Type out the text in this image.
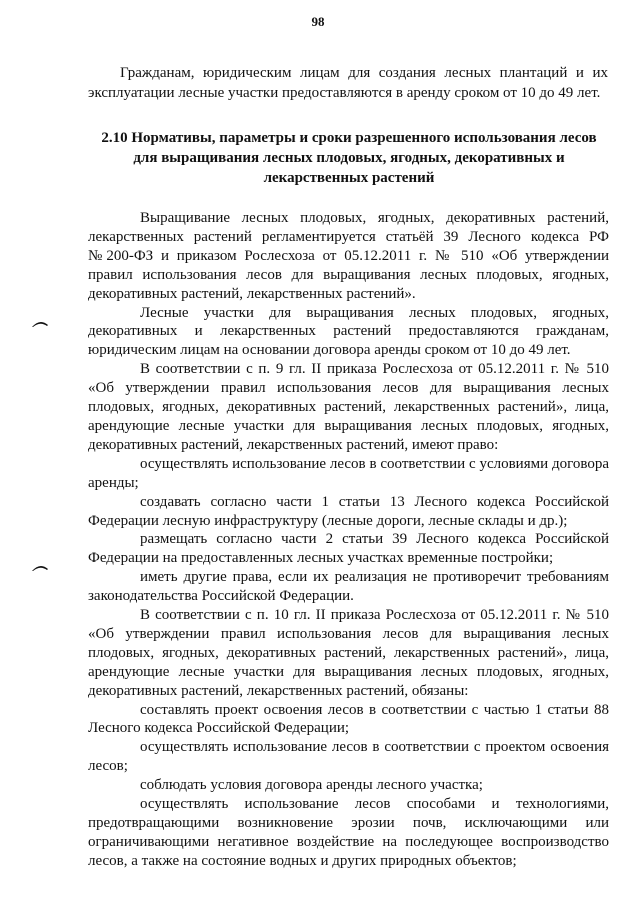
98

Гражданам, юридическим лицам для создания лесных плантаций и их эксплуатации лесные участки предоставляются в аренду сроком от 10 до 49 лет.

2.10 Нормативы, параметры и сроки разрешенного использования лесов для выращивания лесных плодовых, ягодных, декоративных и лекарственных растений

Выращивание лесных плодовых, ягодных, декоративных растений, лекарственных растений регламентируется статьёй 39 Лесного кодекса РФ №200-ФЗ и приказом Рослесхоза от 05.12.2011 г. № 510 «Об утверждении правил использования лесов для выращивания лесных плодовых, ягодных, декоративных растений, лекарственных растений».

Лесные участки для выращивания лесных плодовых, ягодных, декоративных и лекарственных растений предоставляются гражданам, юридическим лицам на основании договора аренды сроком от 10 до 49 лет.

В соответствии с п. 9 гл. II приказа Рослесхоза от 05.12.2011 г. № 510 «Об утверждении правил использования лесов для выращивания лесных плодовых, ягодных, декоративных растений, лекарственных растений», лица, арендующие лесные участки для выращивания лесных плодовых, ягодных, декоративных растений, лекарственных растений, имеют право:

осуществлять использование лесов в соответствии с условиями договора аренды;

создавать согласно части 1 статьи 13 Лесного кодекса Российской Федерации лесную инфраструктуру (лесные дороги, лесные склады и др.);

размещать согласно части 2 статьи 39 Лесного кодекса Российской Федерации на предоставленных лесных участках временные постройки;

иметь другие права, если их реализация не противоречит требованиям законодательства Российской Федерации.

В соответствии с п. 10 гл. II приказа Рослесхоза от 05.12.2011 г. № 510 «Об утверждении правил использования лесов для выращивания лесных плодовых, ягодных, декоративных растений, лекарственных растений», лица, арендующие лесные участки для выращивания лесных плодовых, ягодных, декоративных растений, лекарственных растений, обязаны:

составлять проект освоения лесов в соответствии с частью 1 статьи 88 Лесного кодекса Российской Федерации;

осуществлять использование лесов в соответствии с проектом освоения лесов;

соблюдать условия договора аренды лесного участка;

осуществлять использование лесов способами и технологиями, предотвращающими возникновение эрозии почв, исключающими или ограничивающими негативное воздействие на последующее воспроизводство лесов, а также на состояние водных и других природных объектов;
